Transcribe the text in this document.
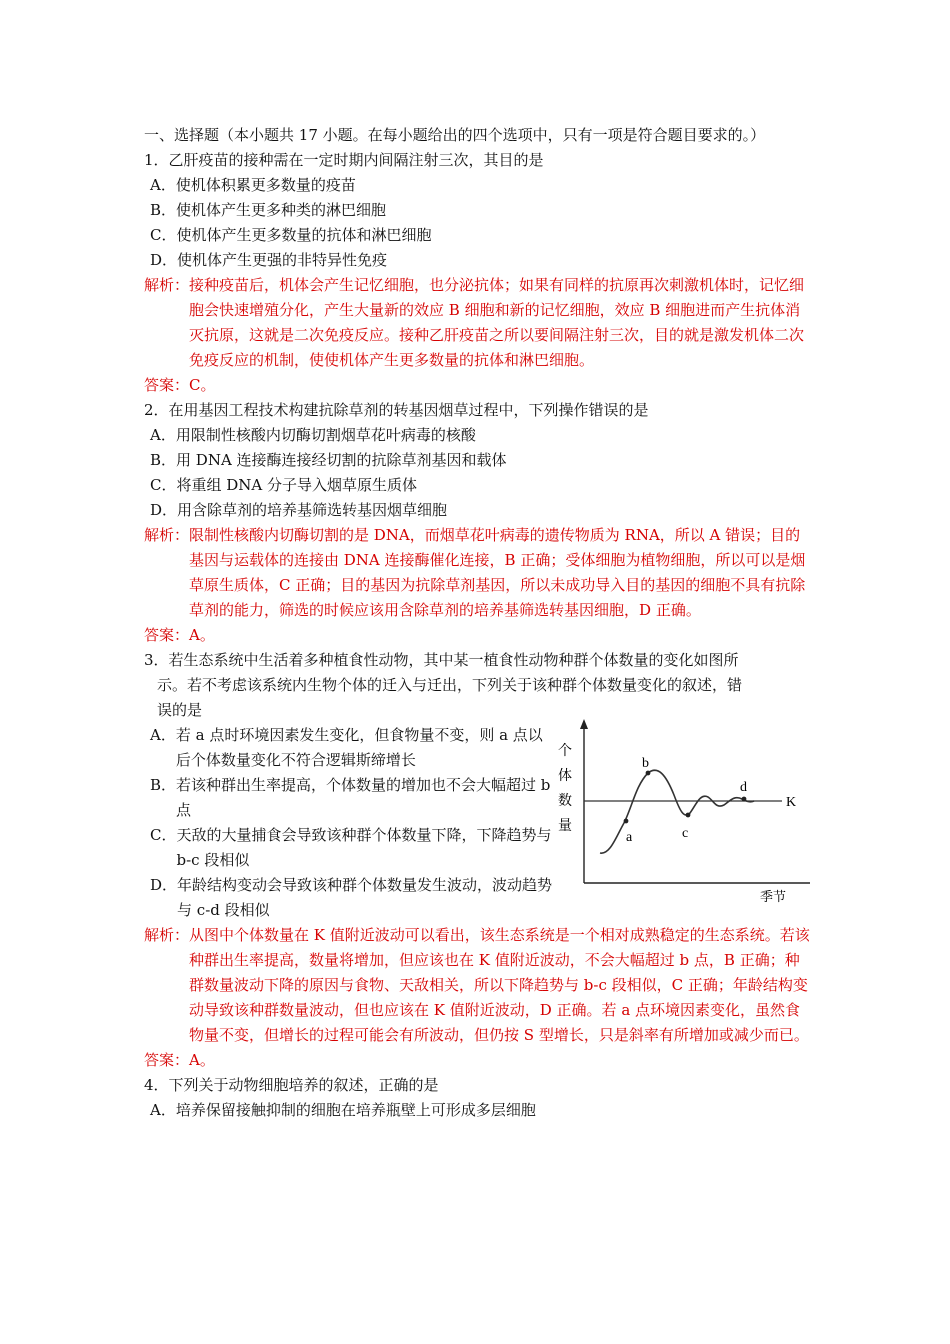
一、选择题（本小题共 17 小题。在每小题给出的四个选项中，只有一项是符合题目要求的。）
1．乙肝疫苗的接种需在一定时期内间隔注射三次，其目的是
A．使机体积累更多数量的疫苗
B．使机体产生更多种类的淋巴细胞
C．使机体产生更多数量的抗体和淋巴细胞
D．使机体产生更强的非特异性免疫
解析： 接种疫苗后，机体会产生记忆细胞，也分泌抗体；如果有同样的抗原再次刺激机体时，记忆细胞会快速增殖分化，产生大量新的效应 B 细胞和新的记忆细胞，效应 B 细胞进而产生抗体消灭抗原，这就是二次免疫反应。接种乙肝疫苗之所以要间隔注射三次，目的就是激发机体二次免疫反应的机制，使使机体产生更多数量的抗体和淋巴细胞。
答案：C。
2．在用基因工程技术构建抗除草剂的转基因烟草过程中，下列操作错误的是
A．用限制性核酸内切酶切割烟草花叶病毒的核酸
B．用 DNA 连接酶连接经切割的抗除草剂基因和载体
C．将重组 DNA 分子导入烟草原生质体
D．用含除草剂的培养基筛选转基因烟草细胞
解析： 限制性核酸内切酶切割的是 DNA，而烟草花叶病毒的遗传物质为 RNA，所以 A 错误；目的基因与运载体的连接由 DNA 连接酶催化连接，B 正确；受体细胞为植物细胞，所以可以是烟草原生质体，C 正确；目的基因为抗除草剂基因，所以未成功导入目的基因的细胞不具有抗除草剂的能力，筛选的时候应该用含除草剂的培养基筛选转基因细胞，D 正确。
答案：A。
3．若生态系统中生活着多种植食性动物，其中某一植食性动物种群个体数量的变化如图所
示。若不考虑该系统内生物个体的迁入与迁出，下列关于该种群个体数量变化的叙述，错
误的是
A． 若 a 点时环境因素发生变化，但食物量不变，则 a 点以后个体数量变化不符合逻辑斯缔增长
B． 若该种群出生率提高，个体数量的增加也不会大幅超过 b 点
C． 天敌的大量捕食会导致该种群个体数量下降，下降趋势与 b-c 段相似
D． 年龄结构变动会导致该种群个体数量发生波动，波动趋势与 c-d 段相似
a
b
c
d
K
个体数量
季节
解析： 从图中个体数量在 K 值附近波动可以看出，该生态系统是一个相对成熟稳定的生态系统。若该种群出生率提高，数量将增加，但应该也在 K 值附近波动，不会大幅超过 b 点，B 正确；种群数量波动下降的原因与食物、天敌相关，所以下降趋势与 b-c 段相似，C 正确；年龄结构变动导致该种群数量波动，但也应该在 K 值附近波动，D 正确。若 a 点环境因素变化，虽然食物量不变，但增长的过程可能会有所波动，但仍按 S 型增长，只是斜率有所增加或减少而已。
答案：A。
4．下列关于动物细胞培养的叙述，正确的是
A．培养保留接触抑制的细胞在培养瓶壁上可形成多层细胞
